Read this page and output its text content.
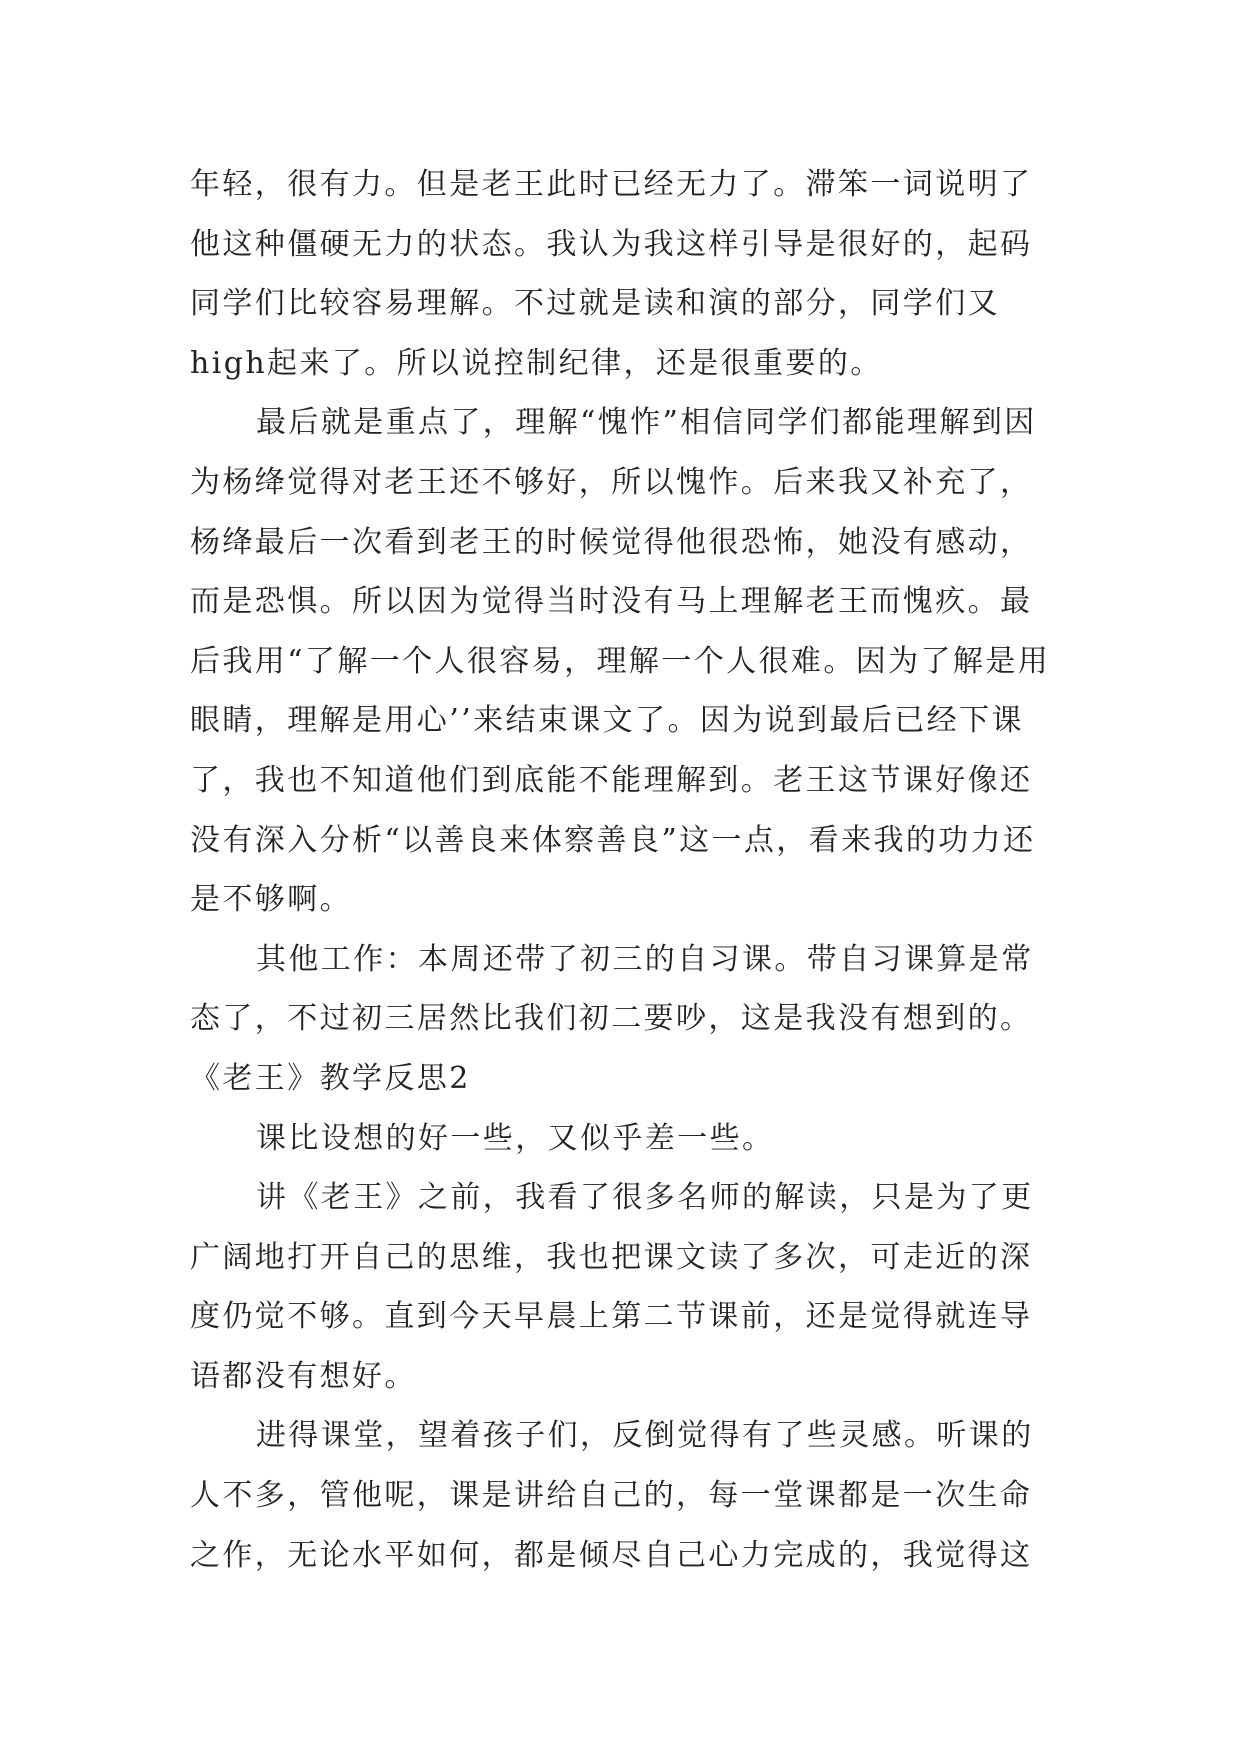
年轻，很有力。但是老王此时已经无力了。滞笨一词说明了他这种僵硬无力的状态。我认为我这样引导是很好的，起码同学们比较容易理解。不过就是读和演的部分，同学们又high起来了。所以说控制纪律，还是很重要的。

最后就是重点了，理解“愧怍”相信同学们都能理解到因为杨绛觉得对老王还不够好，所以愧怍。后来我又补充了，杨绛最后一次看到老王的时候觉得他很恐怖，她没有感动，而是恐惧。所以因为觉得当时没有马上理解老王而愧疚。最后我用“了解一个人很容易，理解一个人很难。因为了解是用眼睛，理解是用心’’来结束课文了。因为说到最后已经下课了，我也不知道他们到底能不能理解到。老王这节课好像还没有深入分析“以善良来体察善良”这一点，看来我的功力还是不够啊。

其他工作：本周还带了初三的自习课。带自习课算是常态了，不过初三居然比我们初二要吵，这是我没有想到的。

《老王》教学反思2

课比设想的好一些，又似乎差一些。

讲《老王》之前，我看了很多名师的解读，只是为了更广阔地打开自己的思维，我也把课文读了多次，可走近的深度仍觉不够。直到今天早晨上第二节课前，还是觉得就连导语都没有想好。

进得课堂，望着孩子们，反倒觉得有了些灵感。听课的人不多，管他呢，课是讲给自己的，每一堂课都是一次生命之作，无论水平如何，都是倾尽自己心力完成的，我觉得这
